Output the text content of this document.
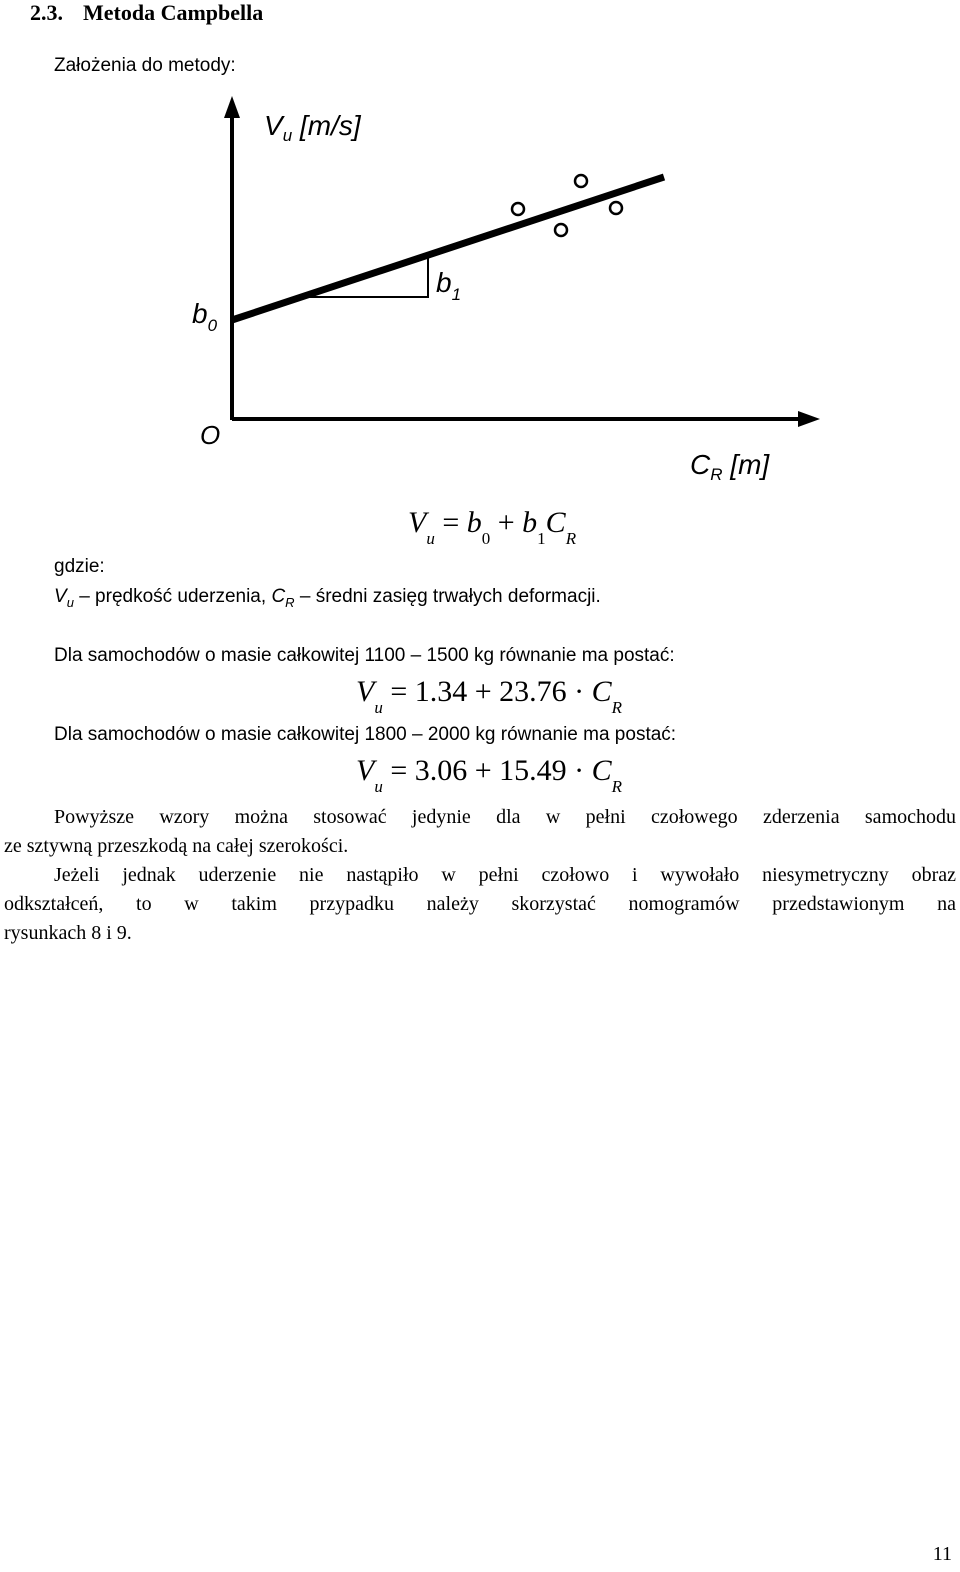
2.3. Metoda Campbella
Założenia do metody:
$V_u$ [m/s]
$b_0$
$b_1$
O
$C_R$ [m]
$V_u = b_0 + b_1C_R$
gdzie:
$V_u$ – prędkość uderzenia, $C_R$ – średni zasięg trwałych deformacji.
Dla samochodów o masie całkowitej 1100 – 1500 kg równanie ma postać:
$V_u = 1.34 + 23.76 \cdot C_R$
Dla samochodów o masie całkowitej 1800 – 2000 kg równanie ma postać:
$V_u = 3.06 + 15.49 \cdot C_R$
Powyższe wzory można stosować jedynie dla w pełni czołowego zderzenia samochodu
ze sztywną przeszkodą na całej szerokości.
Jeżeli jednak uderzenie nie nastąpiło w pełni czołowo i wywołało niesymetryczny obraz
odkształceń, to w takim przypadku należy skorzystać nomogramów przedstawionym na
rysunkach 8 i 9.
11
